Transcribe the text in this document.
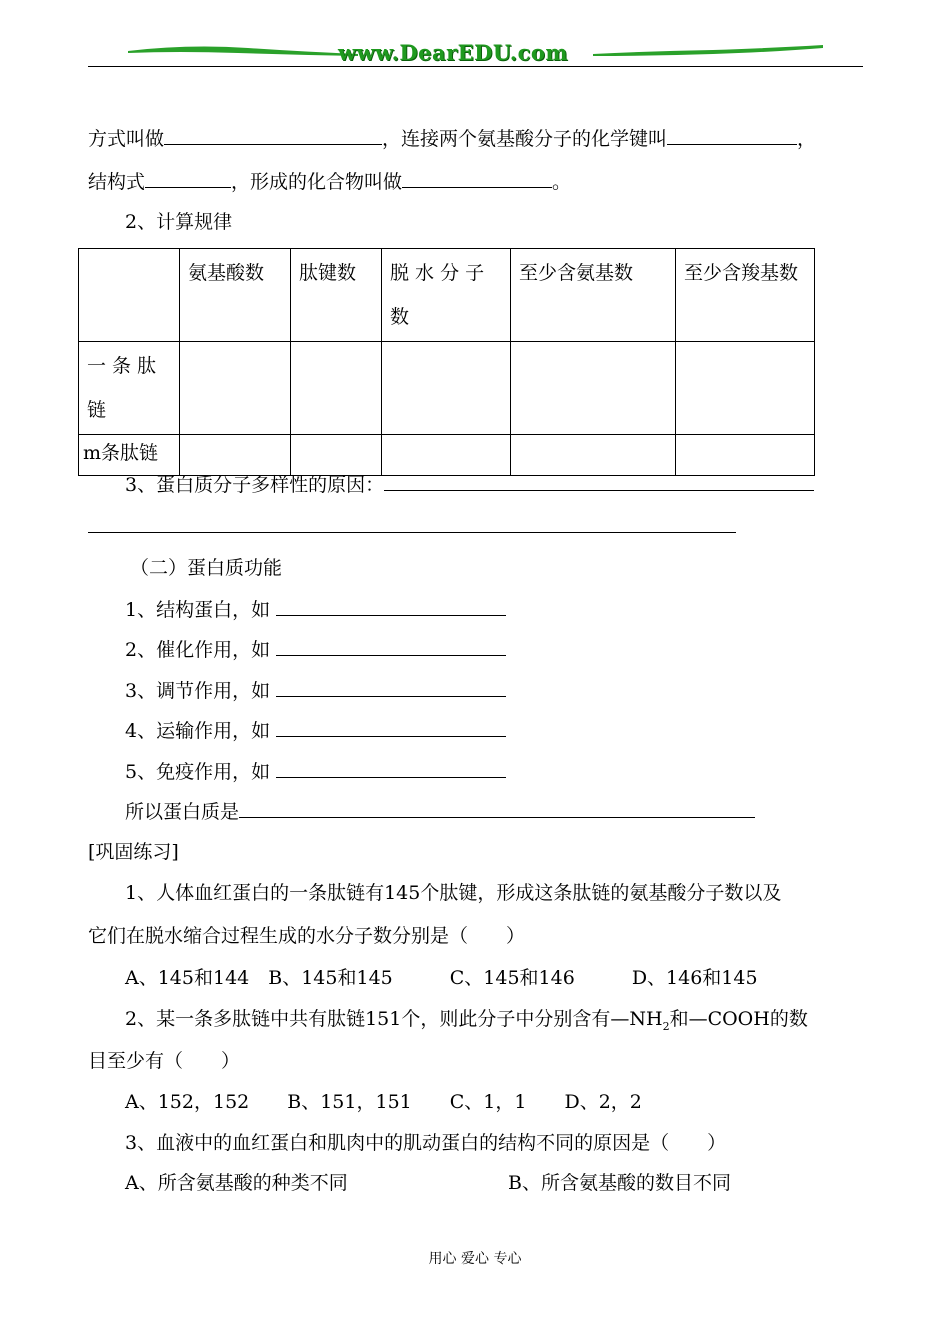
www.DearEDU.com
方式叫做	，连接两个氨基酸分子的化学键叫	，
结构式	，形成的化合物叫做	。
2、计算规律
	氨基酸数	肽键数	脱 水 分 子 数	至少含氨基数	至少含羧基数
一 条 肽 链					
m条肽链					
3、蛋白质分子多样性的原因：
（二）蛋白质功能
1、结构蛋白，如
2、催化作用，如
3、调节作用，如
4、运输作用，如
5、免疫作用，如
所以蛋白质是
[巩固练习]
1、人体血红蛋白的一条肽链有145个肽键，形成这条肽链的氨基酸分子数以及
它们在脱水缩合过程生成的水分子数分别是（　　）
A、145和144　B、145和145　　　C、145和146　　　D、146和145
2、某一条多肽链中共有肽链151个，则此分子中分别含有$—NH_2$和—COOH的数
目至少有（　　）
A、152，152　　B、151，151　　C、1，1　　D、2，2
3、血液中的血红蛋白和肌肉中的肌动蛋白的结构不同的原因是（　　）
A、所含氨基酸的种类不同	B、所含氨基酸的数目不同
用心 爱心 专心
